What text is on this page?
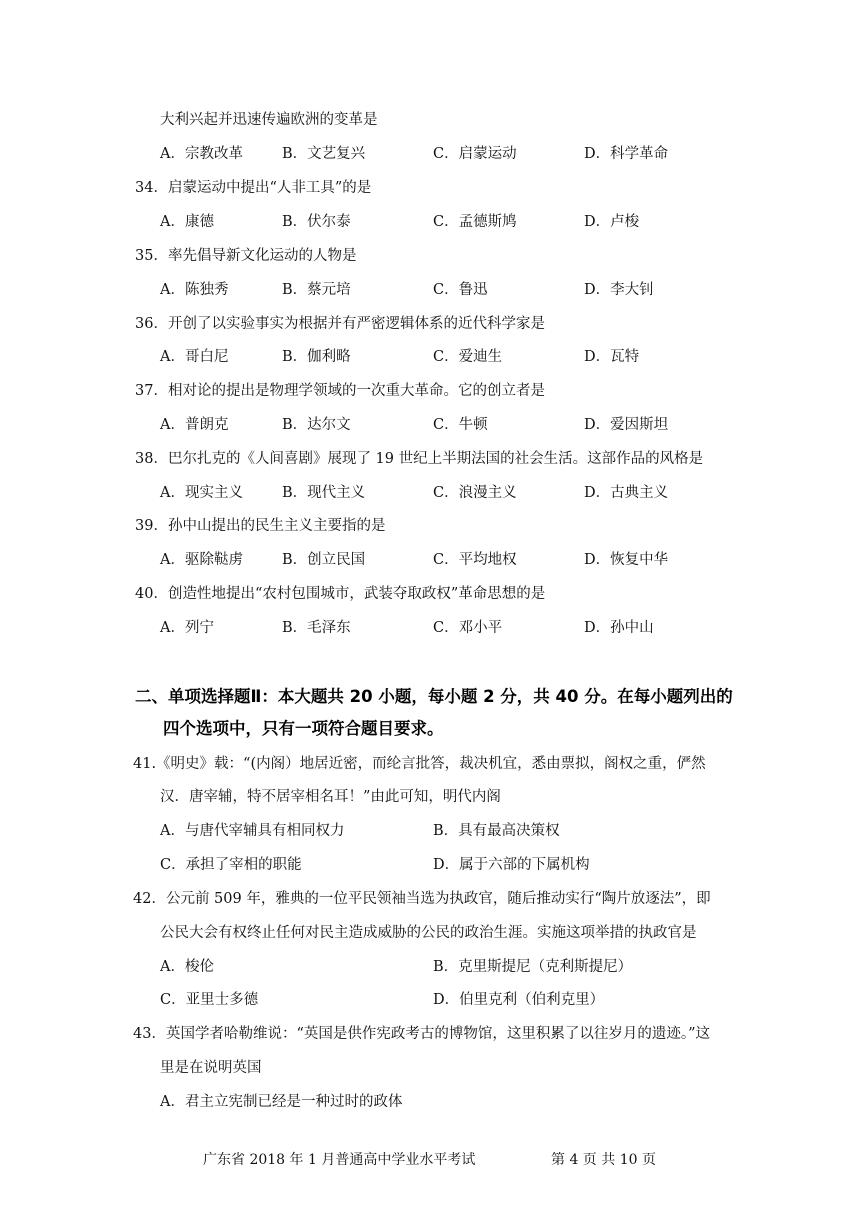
大利兴起并迅速传遍欧洲的变革是
A．宗教改革	B．文艺复兴	C．启蒙运动	D．科学革命
34．启蒙运动中提出“人非工具”的是
A．康德	B．伏尔泰	C．孟德斯鸠	D．卢梭
35．率先倡导新文化运动的人物是
A．陈独秀	B．蔡元培	C．鲁迅	D．李大钊
36．开创了以实验事实为根据并有严密逻辑体系的近代科学家是
A．哥白尼	B．伽利略	C．爱迪生	D．瓦特
37．相对论的提出是物理学领域的一次重大革命。它的创立者是
A．普朗克	B．达尔文	C．牛顿	D．爱因斯坦
38．巴尔扎克的《人间喜剧》展现了 19 世纪上半期法国的社会生活。这部作品的风格是
A．现实主义	B．现代主义	C．浪漫主义	D．古典主义
39．孙中山提出的民生主义主要指的是
A．驱除鞑虏	B．创立民国	C．平均地权	D．恢复中华
40．创造性地提出“农村包围城市，武装夺取政权”革命思想的是
A．列宁	B．毛泽东	C．邓小平	D．孙中山
二、单项选择题Ⅱ：本大题共 20 小题，每小题 2 分，共 40 分。在每小题列出的
四个选项中，只有一项符合题目要求。
41.《明史》载：“(内阁）地居近密，而纶言批答，裁决机宜，悉由票拟，阁权之重，俨然
汉．唐宰辅，特不居宰相名耳！”由此可知，明代内阁
A．与唐代宰辅具有相同权力	B．具有最高决策权
C．承担了宰相的职能	D．属于六部的下属机构
42．公元前 509 年，雅典的一位平民领袖当选为执政官，随后推动实行“陶片放逐法”，即
公民大会有权终止任何对民主造成威胁的公民的政治生涯。实施这项举措的执政官是
A．梭伦	B．克里斯提尼（克利斯提尼）
C．亚里士多德	D．伯里克利（伯利克里）
43．英国学者哈勒维说：“英国是供作宪政考古的博物馆，这里积累了以往岁月的遗迹。”这
里是在说明英国
A．君主立宪制已经是一种过时的政体
广东省 2018 年 1 月普通高中学业水平考试	第 4 页 共 10 页
